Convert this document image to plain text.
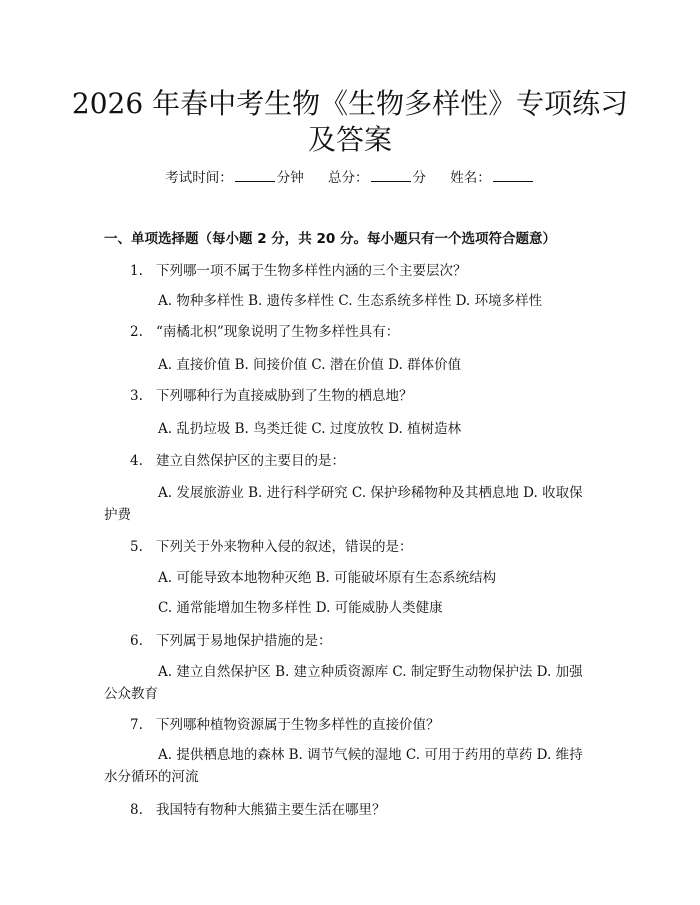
2026 年春中考生物《生物多样性》专项练习
及答案
考试时间：	分钟 总分：	分 姓名：
一、单项选择题（每小题 2 分，共 20 分。每小题只有一个选项符合题意）
1. 下列哪一项不属于生物多样性内涵的三个主要层次？
A. 物种多样性 B. 遗传多样性 C. 生态系统多样性 D. 环境多样性
2. “南橘北枳”现象说明了生物多样性具有：
A. 直接价值 B. 间接价值 C. 潜在价值 D. 群体价值
3. 下列哪种行为直接威胁到了生物的栖息地？
A. 乱扔垃圾 B. 鸟类迁徙 C. 过度放牧 D. 植树造林
4. 建立自然保护区的主要目的是：
A. 发展旅游业 B. 进行科学研究 C. 保护珍稀物种及其栖息地 D. 收取保护费
5. 下列关于外来物种入侵的叙述，错误的是：
A. 可能导致本地物种灭绝 B. 可能破坏原有生态系统结构
C. 通常能增加生物多样性 D. 可能威胁人类健康
6. 下列属于易地保护措施的是：
A. 建立自然保护区 B. 建立种质资源库 C. 制定野生动物保护法 D. 加强公众教育
7. 下列哪种植物资源属于生物多样性的直接价值？
A. 提供栖息地的森林 B. 调节气候的湿地 C. 可用于药用的草药 D. 维持水分循环的河流
8. 我国特有物种大熊猫主要生活在哪里？
